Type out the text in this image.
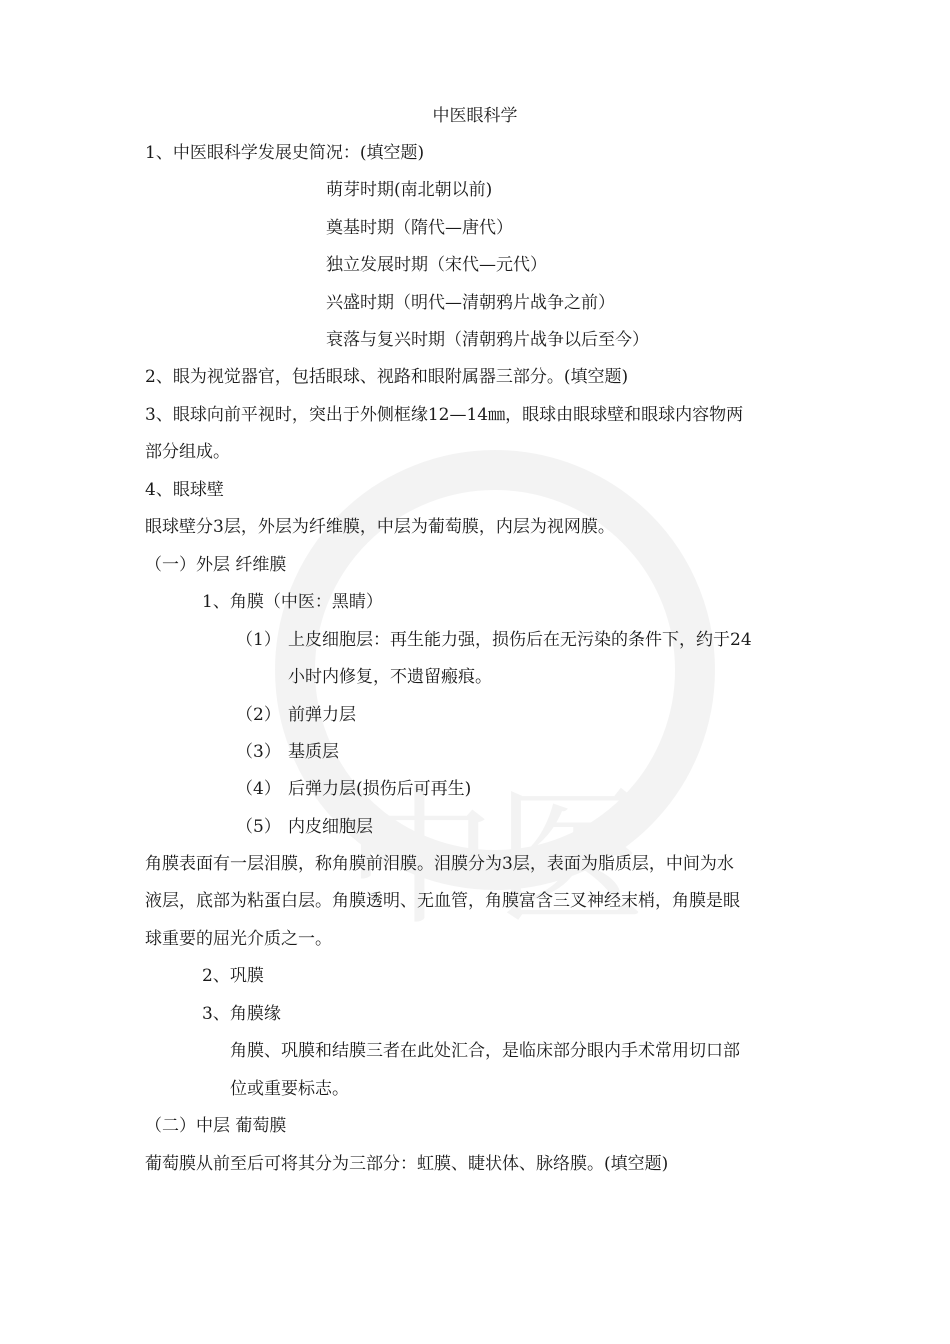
中医眼科学
1、中医眼科学发展史简况：(填空题)
萌芽时期(南北朝以前)
奠基时期（隋代—唐代）
独立发展时期（宋代—元代）
兴盛时期（明代—清朝鸦片战争之前）
衰落与复兴时期（清朝鸦片战争以后至今）
2、眼为视觉器官，包括眼球、视路和眼附属器三部分。(填空题)
3、眼球向前平视时，突出于外侧框缘12—14㎜，眼球由眼球壁和眼球内容物两
部分组成。
4、眼球壁
眼球壁分3层，外层为纤维膜，中层为葡萄膜，内层为视网膜。
（一）外层 纤维膜
1、角膜（中医：黑睛）
（1） 上皮细胞层：再生能力强，损伤后在无污染的条件下，约于24
小时内修复，不遗留瘢痕。
（2） 前弹力层
（3） 基质层
（4） 后弹力层(损伤后可再生)
（5） 内皮细胞层
角膜表面有一层泪膜，称角膜前泪膜。泪膜分为3层，表面为脂质层，中间为水
液层，底部为粘蛋白层。角膜透明、无血管，角膜富含三叉神经末梢，角膜是眼
球重要的屈光介质之一。
2、巩膜
3、角膜缘
角膜、巩膜和结膜三者在此处汇合，是临床部分眼内手术常用切口部
位或重要标志。
（二）中层 葡萄膜
葡萄膜从前至后可将其分为三部分：虹膜、睫状体、脉络膜。(填空题)
